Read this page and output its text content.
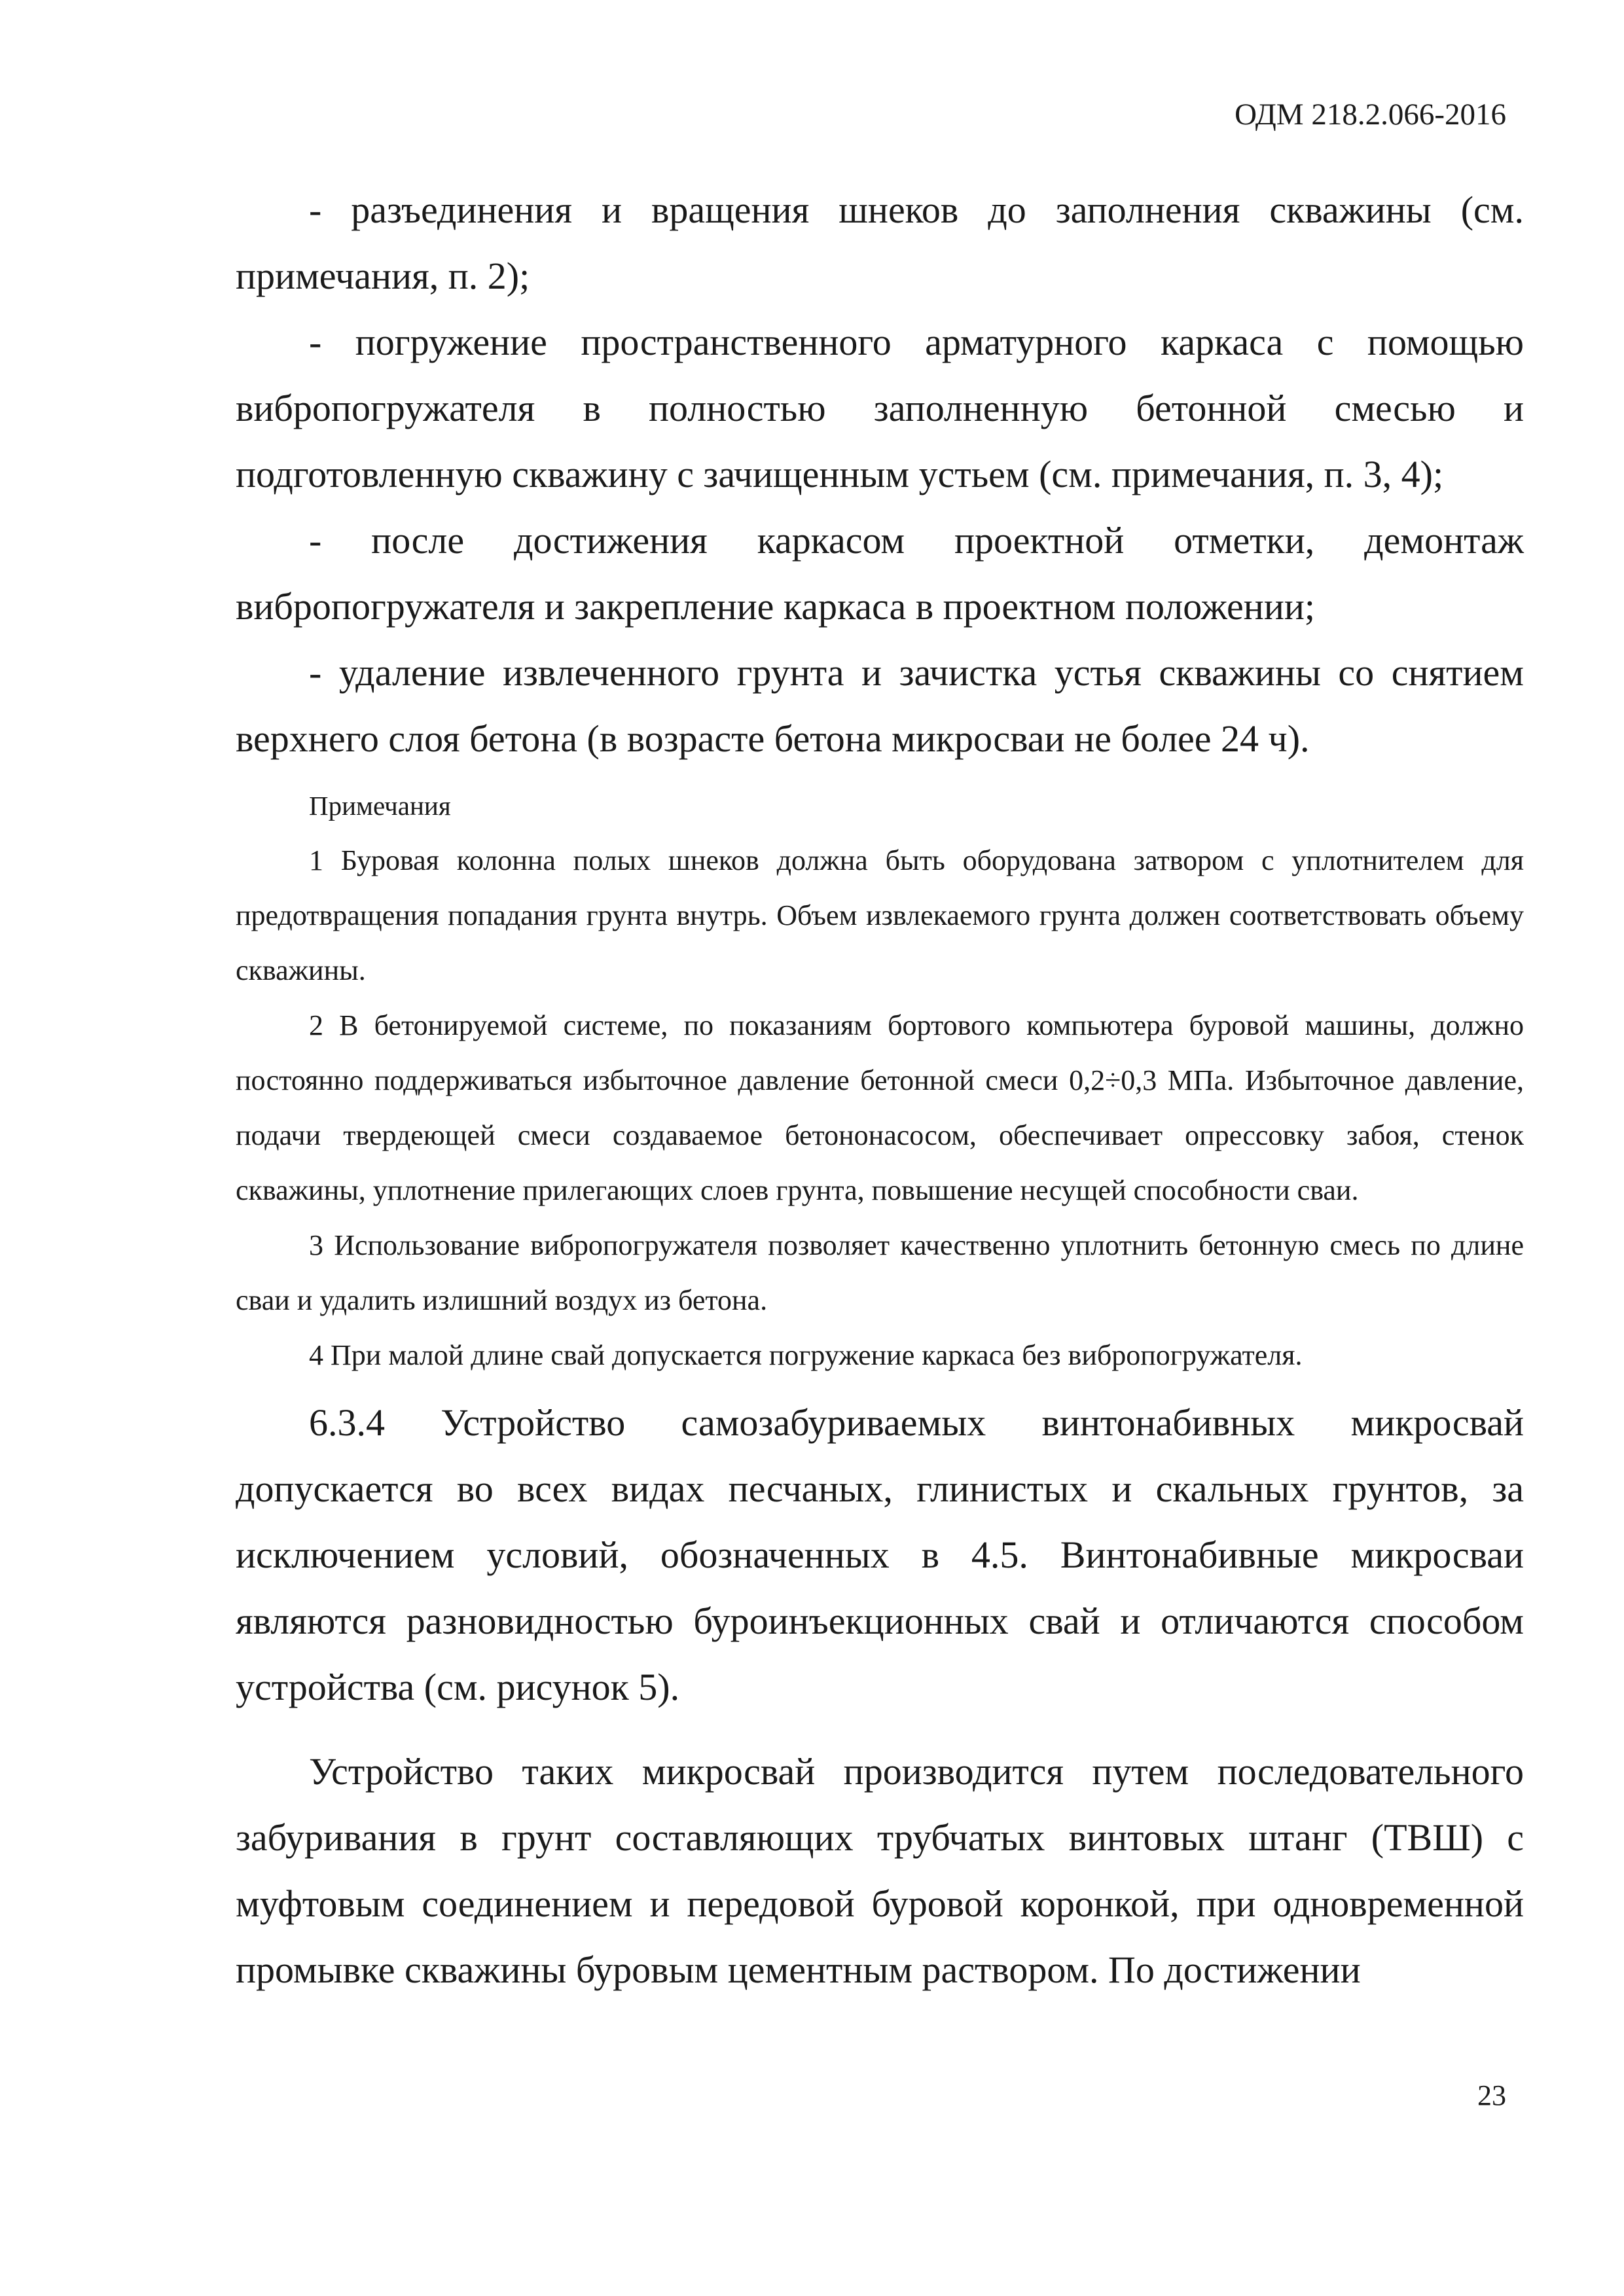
ОДМ 218.2.066-2016

- разъединения и вращения шнеков до заполнения скважины (см. примечания, п. 2);

- погружение пространственного арматурного каркаса с помощью вибропогружателя в полностью заполненную бетонной смесью и подготовленную скважину с зачищенным устьем (см. примечания, п. 3, 4);

- после достижения каркасом проектной отметки, демонтаж вибропогружателя и закрепление каркаса в проектном положении;

- удаление извлеченного грунта и зачистка устья скважины со снятием верхнего слоя бетона (в возрасте бетона микросваи не более 24 ч).

Примечания

1 Буровая колонна полых шнеков должна быть оборудована затвором с уплотнителем для предотвращения попадания грунта внутрь. Объем извлекаемого грунта должен соответствовать объему скважины.

2 В бетонируемой системе, по показаниям бортового компьютера буровой машины, должно постоянно поддерживаться избыточное давление бетонной смеси 0,2÷0,3 МПа. Избыточное давление, подачи твердеющей смеси создаваемое бетононасосом, обеспечивает опрессовку забоя, стенок скважины, уплотнение прилегающих слоев грунта, повышение несущей способности сваи.

3 Использование вибропогружателя позволяет качественно уплотнить бетонную смесь по длине сваи и удалить излишний воздух из бетона.

4 При малой длине свай допускается погружение каркаса без вибропогружателя.

6.3.4 Устройство самозабуриваемых винтонабивных микросвай допускается во всех видах песчаных, глинистых и скальных грунтов, за исключением условий, обозначенных в 4.5. Винтонабивные микросваи являются разновидностью буроинъекционных свай и отличаются способом устройства (см. рисунок 5).

Устройство таких микросвай производится путем последовательного забуривания в грунт составляющих трубчатых винтовых штанг (ТВШ) с муфтовым соединением и передовой буровой коронкой, при одновременной промывке скважины буровым цементным раствором. По достижении

23
